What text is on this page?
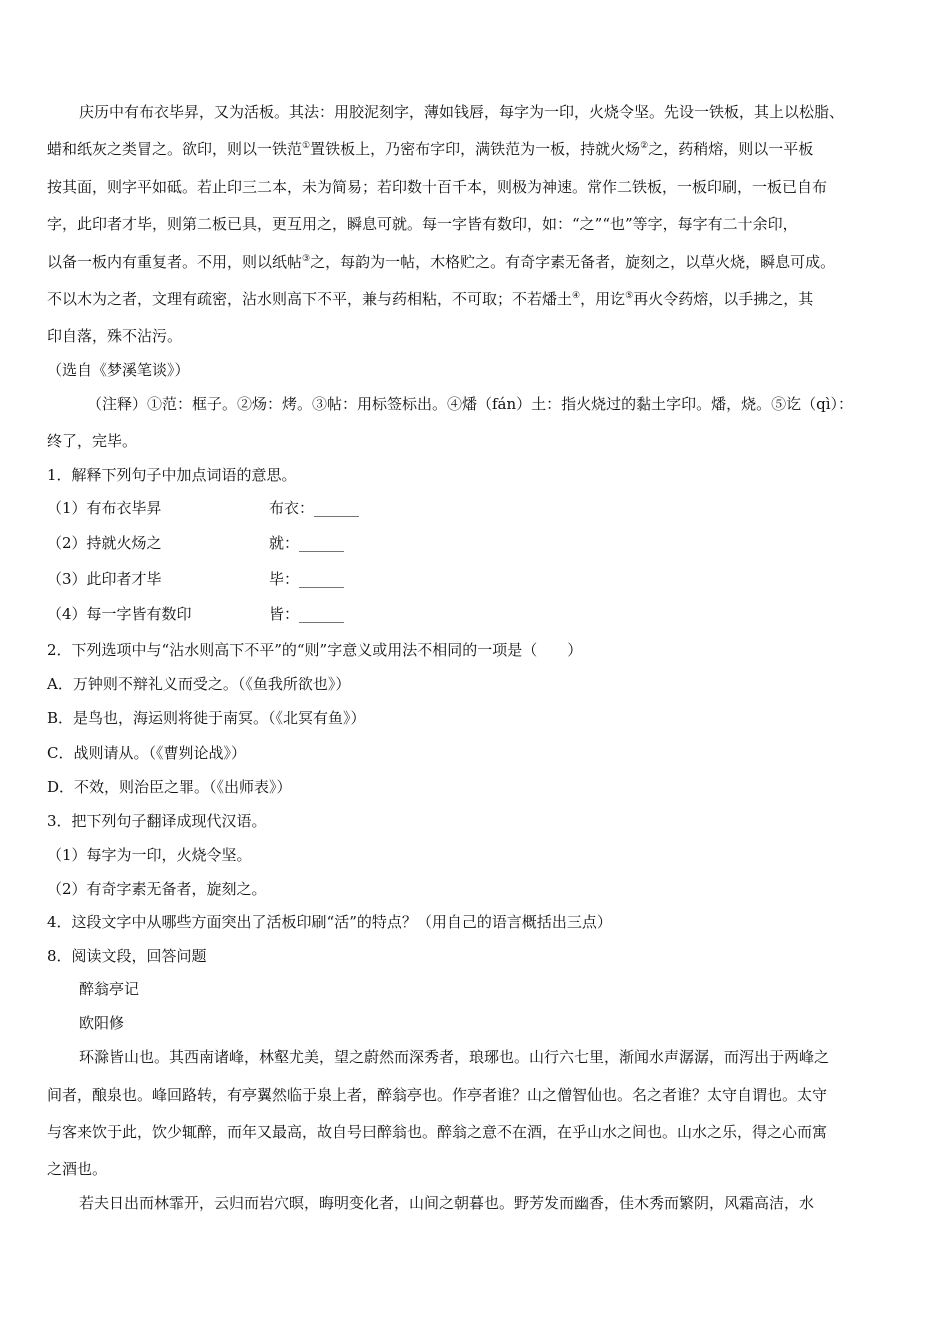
庆历中有布衣毕昇，又为活板。其法：用胶泥刻字，薄如钱唇，每字为一印，火烧令坚。先设一铁板，其上以松脂、
蜡和纸灰之类冒之。欲印，则以一铁范①置铁板上，乃密布字印，满铁范为一板，持就火炀②之，药稍熔，则以一平板
按其面，则字平如砥。若止印三二本，未为简易；若印数十百千本，则极为神速。常作二铁板，一板印刷，一板已自布
字，此印者才毕，则第二板已具，更互用之，瞬息可就。每一字皆有数印，如：“之”“也”等字，每字有二十余印，
以备一板内有重复者。不用，则以纸帖③之，每韵为一帖，木格贮之。有奇字素无备者，旋刻之，以草火烧，瞬息可成。
不以木为之者，文理有疏密，沾水则高下不平，兼与药相粘，不可取；不若燔土④，用讫⑤再火令药熔，以手拂之，其
印自落，殊不沾污。
（选自《梦溪笔谈》）
（注释）①范：框子。②炀：烤。③帖：用标签标出。④燔（fán）土：指火烧过的黏土字印。燔，烧。⑤讫（qì）：
终了，完毕。
1．解释下列句子中加点词语的意思。
（1）有布衣毕昇	布衣：______
（2）持就火炀之	就：______
（3）此印者才毕	毕：______
（4）每一字皆有数印	皆：______
2．下列选项中与“沾水则高下不平”的“则”字意义或用法不相同的一项是（　　）
A．万钟则不辩礼义而受之。（《鱼我所欲也》）
B．是鸟也，海运则将徙于南冥。（《北冥有鱼》）
C．战则请从。（《曹刿论战》）
D．不效，则治臣之罪。（《出师表》）
3．把下列句子翻译成现代汉语。
（1）每字为一印，火烧令坚。
（2）有奇字素无备者，旋刻之。
4．这段文字中从哪些方面突出了活板印刷“活”的特点？（用自己的语言概括出三点）
8．阅读文段，回答问题
醉翁亭记
欧阳修
环滁皆山也。其西南诸峰，林壑尤美，望之蔚然而深秀者，琅琊也。山行六七里，渐闻水声潺潺，而泻出于两峰之
间者，酿泉也。峰回路转，有亭翼然临于泉上者，醉翁亭也。作亭者谁？山之僧智仙也。名之者谁？太守自谓也。太守
与客来饮于此，饮少辄醉，而年又最高，故自号曰醉翁也。醉翁之意不在酒，在乎山水之间也。山水之乐，得之心而寓
之酒也。
若夫日出而林霏开，云归而岩穴暝，晦明变化者，山间之朝暮也。野芳发而幽香，佳木秀而繁阴，风霜高洁，水
